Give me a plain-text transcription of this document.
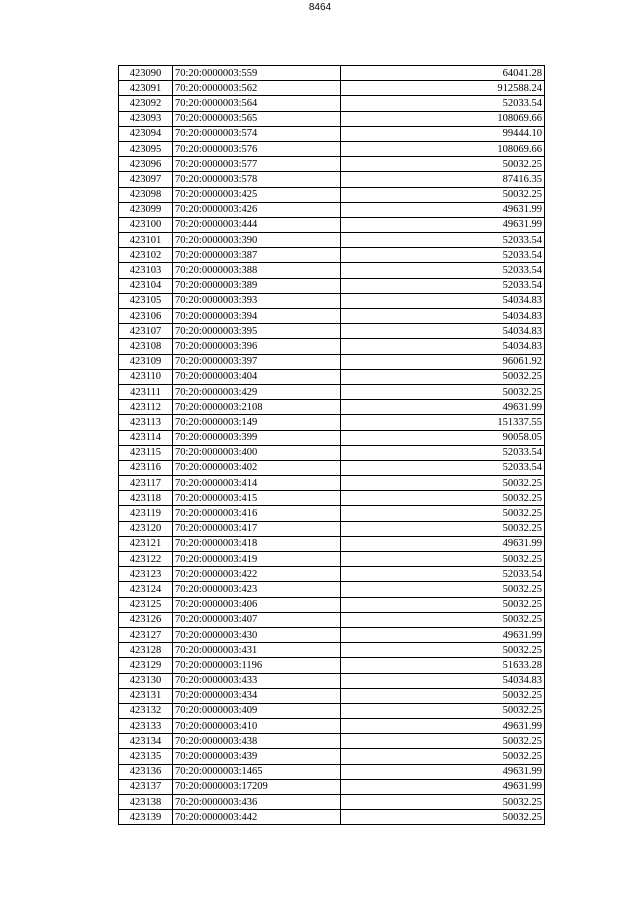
8464
423090	70:20:0000003:559	64041.28
423091	70:20:0000003:562	912588.24
423092	70:20:0000003:564	52033.54
423093	70:20:0000003:565	108069.66
423094	70:20:0000003:574	99444.10
423095	70:20:0000003:576	108069.66
423096	70:20:0000003:577	50032.25
423097	70:20:0000003:578	87416.35
423098	70:20:0000003:425	50032.25
423099	70:20:0000003:426	49631.99
423100	70:20:0000003:444	49631.99
423101	70:20:0000003:390	52033.54
423102	70:20:0000003:387	52033.54
423103	70:20:0000003:388	52033.54
423104	70:20:0000003:389	52033.54
423105	70:20:0000003:393	54034.83
423106	70:20:0000003:394	54034.83
423107	70:20:0000003:395	54034.83
423108	70:20:0000003:396	54034.83
423109	70:20:0000003:397	96061.92
423110	70:20:0000003:404	50032.25
423111	70:20:0000003:429	50032.25
423112	70:20:0000003:2108	49631.99
423113	70:20:0000003:149	151337.55
423114	70:20:0000003:399	90058.05
423115	70:20:0000003:400	52033.54
423116	70:20:0000003:402	52033.54
423117	70:20:0000003:414	50032.25
423118	70:20:0000003:415	50032.25
423119	70:20:0000003:416	50032.25
423120	70:20:0000003:417	50032.25
423121	70:20:0000003:418	49631.99
423122	70:20:0000003:419	50032.25
423123	70:20:0000003:422	52033.54
423124	70:20:0000003:423	50032.25
423125	70:20:0000003:406	50032.25
423126	70:20:0000003:407	50032.25
423127	70:20:0000003:430	49631.99
423128	70:20:0000003:431	50032.25
423129	70:20:0000003:1196	51633.28
423130	70:20:0000003:433	54034.83
423131	70:20:0000003:434	50032.25
423132	70:20:0000003:409	50032.25
423133	70:20:0000003:410	49631.99
423134	70:20:0000003:438	50032.25
423135	70:20:0000003:439	50032.25
423136	70:20:0000003:1465	49631.99
423137	70:20:0000003:17209	49631.99
423138	70:20:0000003:436	50032.25
423139	70:20:0000003:442	50032.25
